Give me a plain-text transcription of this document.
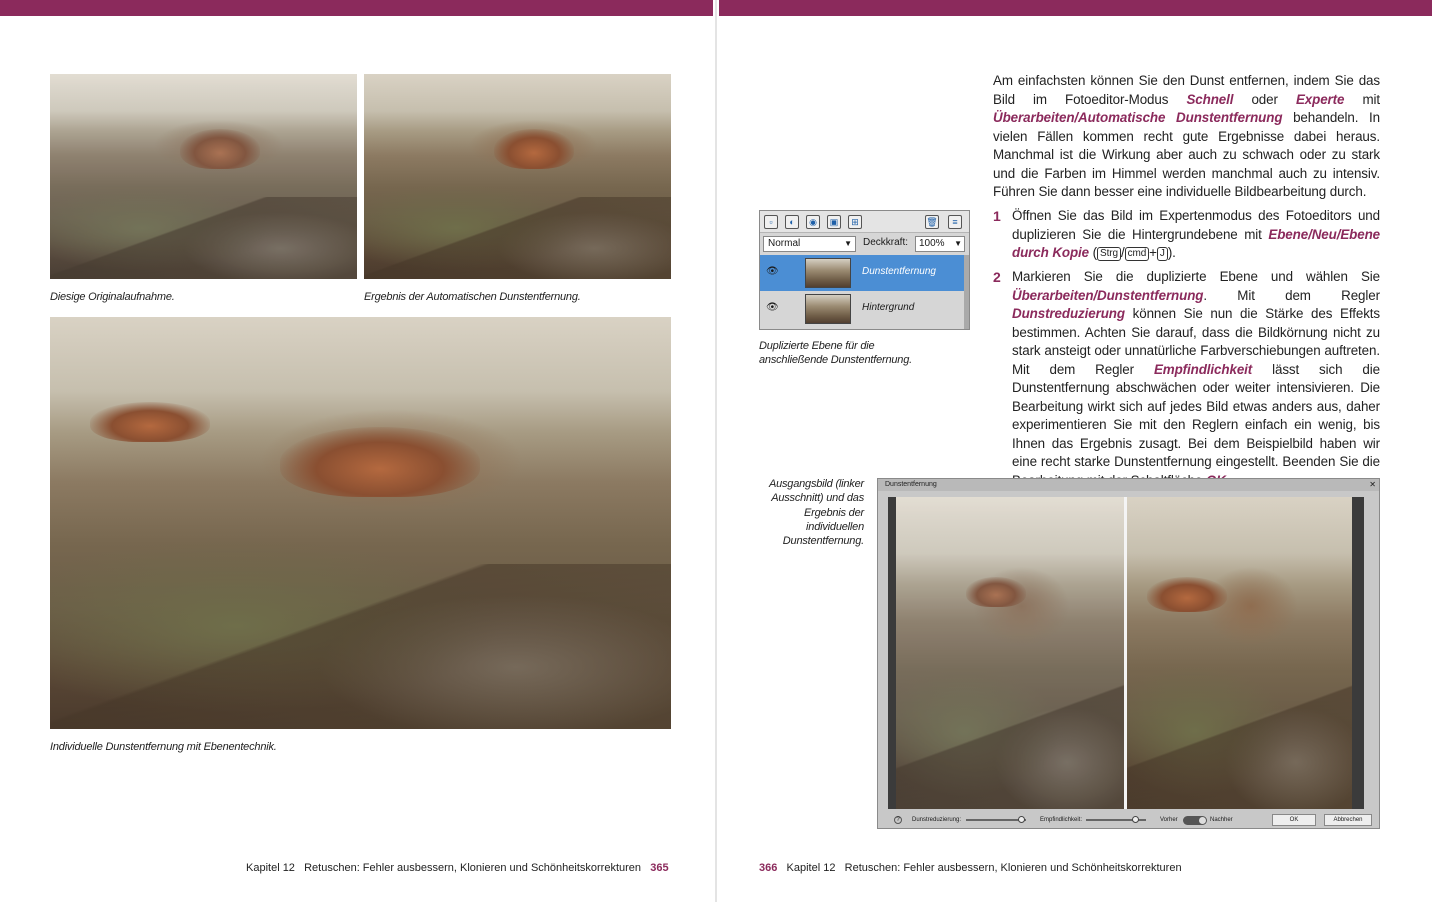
Diesige Originalaufnahme.	Ergebnis der Automatischen Dunstentfernung.
Individuelle Dunstentfernung mit Ebenentechnik.
Kapitel 12 Retuschen: Fehler ausbessern, Klonieren und Schönheitskorrekturen 365
Am einfachsten können Sie den Dunst entfernen, indem Sie das Bild im Fotoeditor-Modus Schnell oder Experte mit Überarbeiten/Automatische Dunstentfernung behandeln. In vielen Fällen kommen recht gute Ergebnisse dabei heraus. Manchmal ist die Wirkung aber auch zu schwach oder zu stark und die Farben im Himmel werden manchmal auch zu intensiv. Führen Sie dann besser eine individuelle Bildbearbeitung durch.
1 Öffnen Sie das Bild im Expertenmodus des Fotoeditors und duplizieren Sie die Hintergrundebene mit Ebene/Neu/Ebene durch Kopie ( Strg / cmd + J ).
2 Markieren Sie die duplizierte Ebene und wählen Sie Überarbeiten/Dunstentfernung. Mit dem Regler Dunstreduzierung können Sie nun die Stärke des Effekts bestimmen. Achten Sie darauf, dass die Bildkörnung nicht zu stark ansteigt oder unnatürliche Farbverschiebungen auftreten. Mit dem Regler Empfindlichkeit lässt sich die Dunstentfernung abschwächen oder weiter intensivieren. Die Bearbeitung wirkt sich auf jedes Bild etwas anders aus, daher experimentieren Sie mit den Reglern einfach ein wenig, bis Ihnen das Ergebnis zusagt. Bei dem Beispielbild haben wir eine recht starke Dunstentfernung eingestellt. Beenden Sie die
▫	◐	◉	▣	⊞	🗑	≡
Normal	▼ Deckkraft:	100% ▼
👁	Dunstentfernung
👁	Hintergrund
Duplizierte Ebene für die anschließende Dunstentfernung.
Ausgangsbild (linker Ausschnitt) und das Ergebnis der individuellen Dunstentfernung.
Dunstentfernung	✕
?	Dunstreduzierung:	Empfindlichkeit:	Vorher	Nachher	OK	Abbrechen
366 Kapitel 12 Retuschen: Fehler ausbessern, Klonieren und Schönheitskorrekturen
